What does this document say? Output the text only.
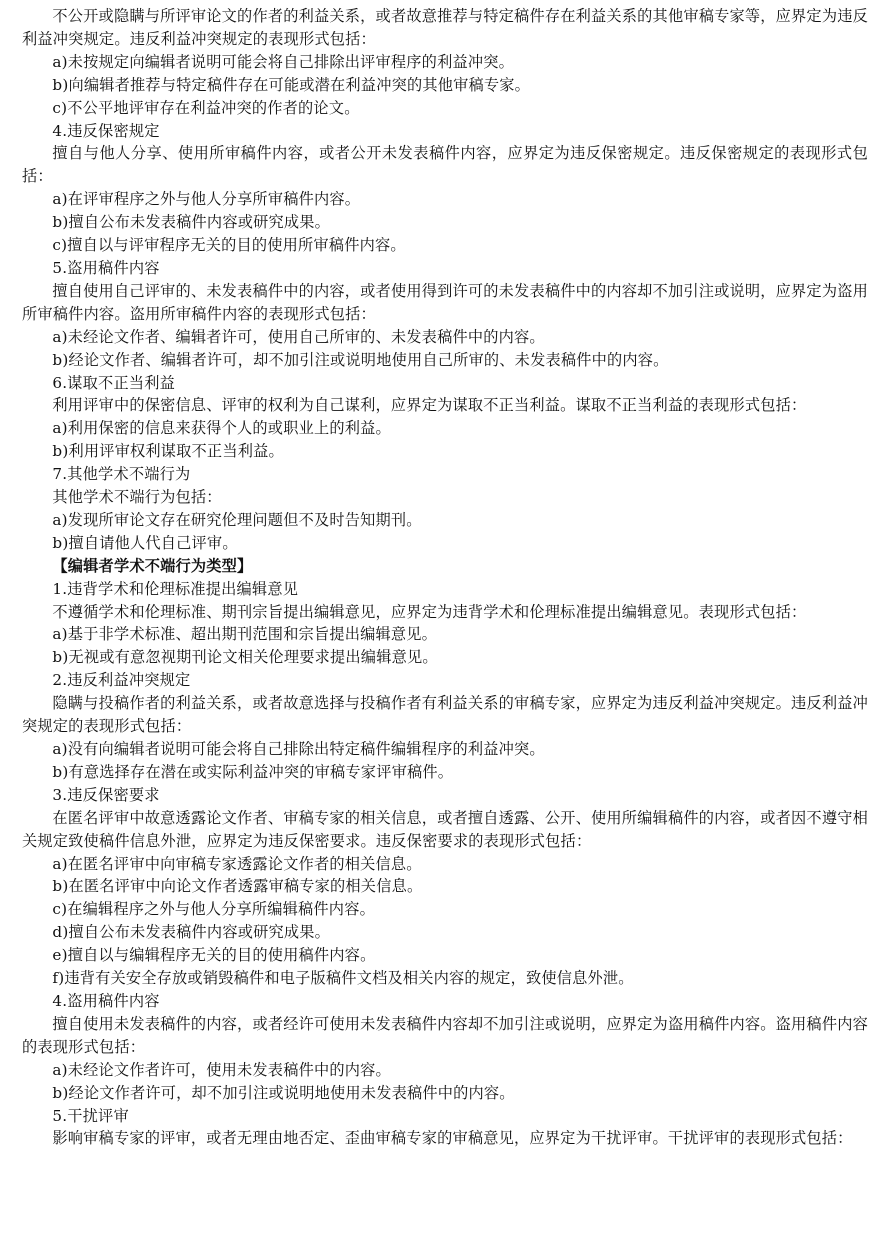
不公开或隐瞒与所评审论文的作者的利益关系，或者故意推荐与特定稿件存在利益关系的其他审稿专家等，应界定为违反利益冲突规定。违反利益冲突规定的表现形式包括：

a)未按规定向编辑者说明可能会将自己排除出评审程序的利益冲突。

b)向编辑者推荐与特定稿件存在可能或潜在利益冲突的其他审稿专家。

c)不公平地评审存在利益冲突的作者的论文。

4.违反保密规定

擅自与他人分享、使用所审稿件内容，或者公开未发表稿件内容，应界定为违反保密规定。违反保密规定的表现形式包括：

a)在评审程序之外与他人分享所审稿件内容。

b)擅自公布未发表稿件内容或研究成果。

c)擅自以与评审程序无关的目的使用所审稿件内容。

5.盗用稿件内容

擅自使用自己评审的、未发表稿件中的内容，或者使用得到许可的未发表稿件中的内容却不加引注或说明，应界定为盗用所审稿件内容。盗用所审稿件内容的表现形式包括：

a)未经论文作者、编辑者许可，使用自己所审的、未发表稿件中的内容。

b)经论文作者、编辑者许可，却不加引注或说明地使用自己所审的、未发表稿件中的内容。

6.谋取不正当利益

利用评审中的保密信息、评审的权利为自己谋利，应界定为谋取不正当利益。谋取不正当利益的表现形式包括：

a)利用保密的信息来获得个人的或职业上的利益。

b)利用评审权利谋取不正当利益。

7.其他学术不端行为

其他学术不端行为包括：

a)发现所审论文存在研究伦理问题但不及时告知期刊。

b)擅自请他人代自己评审。

【编辑者学术不端行为类型】

1.违背学术和伦理标准提出编辑意见

不遵循学术和伦理标准、期刊宗旨提出编辑意见，应界定为违背学术和伦理标准提出编辑意见。表现形式包括：

a)基于非学术标准、超出期刊范围和宗旨提出编辑意见。

b)无视或有意忽视期刊论文相关伦理要求提出编辑意见。

2.违反利益冲突规定

隐瞒与投稿作者的利益关系，或者故意选择与投稿作者有利益关系的审稿专家，应界定为违反利益冲突规定。违反利益冲突规定的表现形式包括：

a)没有向编辑者说明可能会将自己排除出特定稿件编辑程序的利益冲突。

b)有意选择存在潜在或实际利益冲突的审稿专家评审稿件。

3.违反保密要求

在匿名评审中故意透露论文作者、审稿专家的相关信息，或者擅自透露、公开、使用所编辑稿件的内容，或者因不遵守相关规定致使稿件信息外泄，应界定为违反保密要求。违反保密要求的表现形式包括：

a)在匿名评审中向审稿专家透露论文作者的相关信息。

b)在匿名评审中向论文作者透露审稿专家的相关信息。

c)在编辑程序之外与他人分享所编辑稿件内容。

d)擅自公布未发表稿件内容或研究成果。

e)擅自以与编辑程序无关的目的使用稿件内容。

f)违背有关安全存放或销毁稿件和电子版稿件文档及相关内容的规定，致使信息外泄。

4.盗用稿件内容

擅自使用未发表稿件的内容，或者经许可使用未发表稿件内容却不加引注或说明，应界定为盗用稿件内容。盗用稿件内容的表现形式包括：

a)未经论文作者许可，使用未发表稿件中的内容。

b)经论文作者许可，却不加引注或说明地使用未发表稿件中的内容。

5.干扰评审

影响审稿专家的评审，或者无理由地否定、歪曲审稿专家的审稿意见，应界定为干扰评审。干扰评审的表现形式包括：
